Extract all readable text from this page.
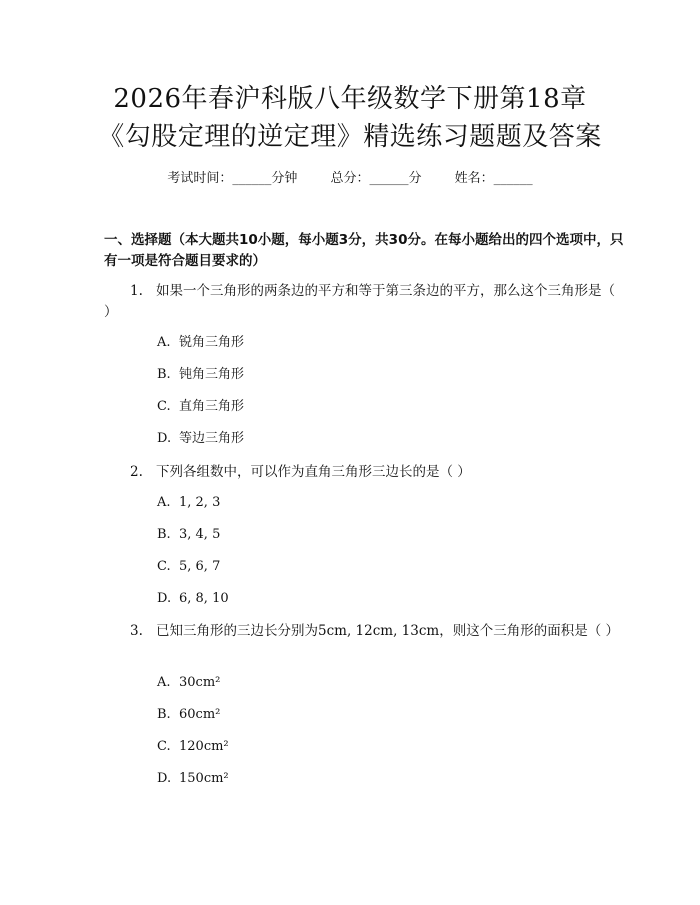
2026年春沪科版八年级数学下册第18章
《勾股定理的逆定理》精选练习题题及答案
考试时间：______分钟	总分：______分	姓名：______
一、选择题（本大题共10小题，每小题3分，共30分。在每小题给出的四个选项中，只有一项是符合题目要求的）
1. 如果一个三角形的两条边的平方和等于第三条边的平方，那么这个三角形是（ ）
A. 锐角三角形
B. 钝角三角形
C. 直角三角形
D. 等边三角形
2. 下列各组数中，可以作为直角三角形三边长的是（ ）
A. 1, 2, 3
B. 3, 4, 5
C. 5, 6, 7
D. 6, 8, 10
3. 已知三角形的三边长分别为5cm, 12cm, 13cm，则这个三角形的面积是（ ）
A. 30cm²
B. 60cm²
C. 120cm²
D. 150cm²
